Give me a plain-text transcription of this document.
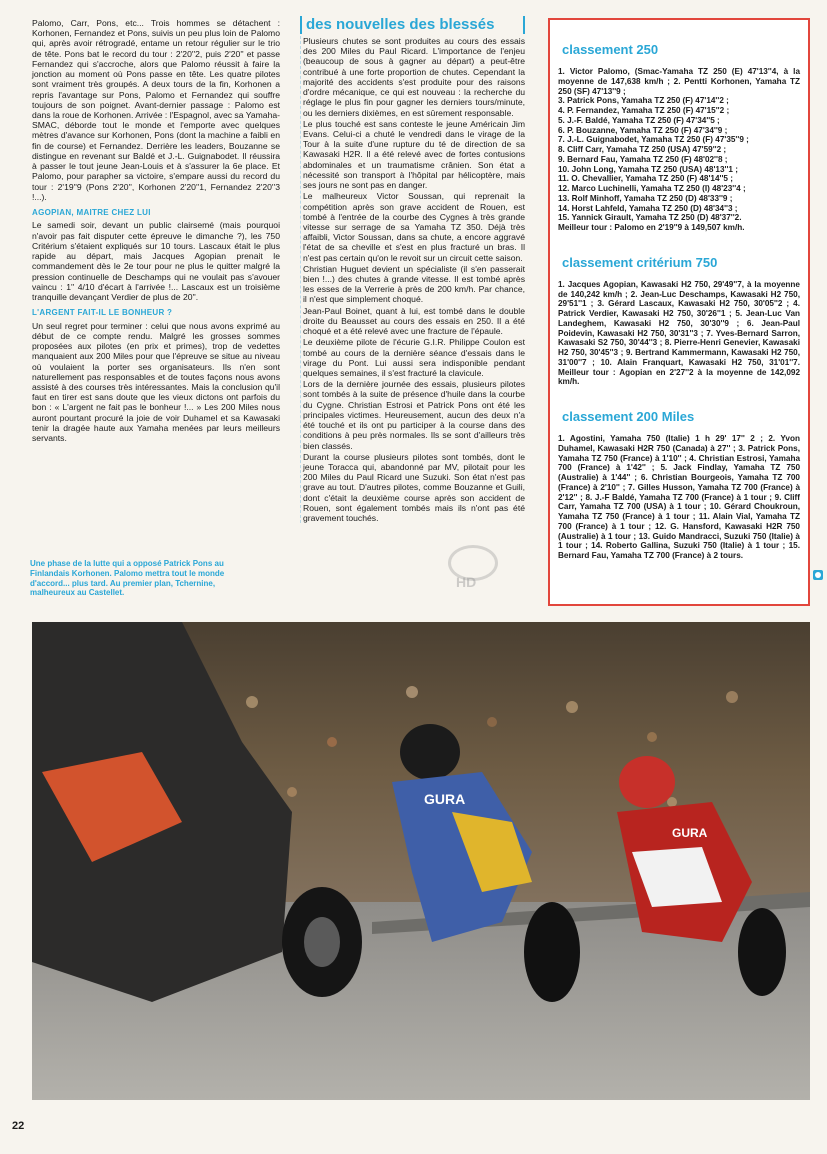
Palomo, Carr, Pons, etc... Trois hommes se détachent : Korhonen, Fernandez et Pons, suivis un peu plus loin de Palomo qui, après avoir rétrogradé, entame un retour régulier sur le trio de tête. Pons bat le record du tour : 2'20''2, puis 2'20'' et passe Fernandez qui s'accroche, alors que Palomo réussit à faire la jonction au moment où Pons passe en tête. Les quatre pilotes sont vraiment très groupés. A deux tours de la fin, Korhonen a repris l'avantage sur Pons, Palomo et Fernandez qui souffre toujours de son poignet. Avant-dernier passage : Palomo est dans la roue de Korhonen. Arrivée : l'Espagnol, avec sa Yamaha-SMAC, déborde tout le monde et l'emporte avec quelques mètres d'avance sur Korhonen, Pons (dont la machine a faibli en fin de course) et Fernandez. Derrière les leaders, Bouzanne se distingue en revenant sur Baldé et J.-L. Guignabodet. Il réussira à passer le tout jeune Jean-Louis et à s'assurer la 6e place. Et Palomo, pour parapher sa victoire, s'empare aussi du record du tour : 2'19''9 (Pons 2'20'', Korhonen 2'20''1, Fernandez 2'20''3 !...).

AGOPIAN, MAITRE CHEZ LUI

Le samedi soir, devant un public clairsemé (mais pourquoi n'avoir pas fait disputer cette épreuve le dimanche ?), les 750 Critérium s'étaient expliqués sur 10 tours. Lascaux était le plus rapide au départ, mais Jacques Agopian prenait le commandement dès le 2e tour pour ne plus le quitter malgré la pression continuelle de Deschamps qui ne voulait pas s'avouer vaincu : 1'' 4/10 d'écart à l'arrivée !... Lascaux est un troisième tranquille devançant Verdier de plus de 20''.

L'ARGENT FAIT-IL LE BONHEUR ?

Un seul regret pour terminer : celui que nous avons exprimé au début de ce compte rendu. Malgré les grosses sommes proposées aux pilotes (en prix et primes), trop de vedettes manquaient aux 200 Miles pour que l'épreuve se situe au niveau où voulaient la porter ses organisateurs. Ils n'en sont naturellement pas responsables et de toutes façons nous avons assisté à des courses très intéressantes. Mais la conclusion qu'il faut en tirer est sans doute que les vieux dictons ont parfois du bon : « L'argent ne fait pas le bonheur !... » Les 200 Miles nous auront pourtant procuré la joie de voir Duhamel et sa Kawasaki tenir la dragée haute aux Yamaha menées par leurs meilleurs servants.

Une phase de la lutte qui a opposé Patrick Pons au Finlandais Korhonen. Palomo mettra tout le monde d'accord... plus tard. Au premier plan, Tchernine, malheureux au Castellet.

des nouvelles des blessés

Plusieurs chutes se sont produites au cours des essais des 200 Miles du Paul Ricard. L'importance de l'enjeu (beaucoup de sous à gagner au départ) a peut-être contribué à une forte proportion de chutes. Cependant la majorité des accidents s'est produite pour des raisons d'ordre mécanique, ce qui est nouveau : la recherche du réglage le plus fin pour gagner les derniers tours/minute, ou les derniers dixièmes, en est sûrement responsable.

Le plus touché est sans conteste le jeune Américain Jim Evans. Celui-ci a chuté le vendredi dans le virage de la Tour à la suite d'une rupture du té de direction de sa Kawasaki H2R. Il a été relevé avec de fortes contusions abdominales et un traumatisme crânien. Son état a nécessité son transport à l'hôpital par hélicoptère, mais ses jours ne sont pas en danger.

Le malheureux Victor Soussan, qui reprenait la compétition après son grave accident de Rouen, est tombé à l'entrée de la courbe des Cygnes à très grande vitesse sur serrage de sa Yamaha TZ 350. Déjà très affaibli, Victor Soussan, dans sa chute, a encore aggravé l'état de sa cheville et s'est en plus fracturé un bras. Il n'est pas certain qu'on le revoit sur un circuit cette saison.

Christian Huguet devient un spécialiste (il s'en passerait bien !...) des chutes à grande vitesse. Il est tombé après les esses de la Verrerie à près de 200 km/h. Par chance, il n'est que simplement choqué.

Jean-Paul Boinet, quant à lui, est tombé dans le double droite du Beausset au cours des essais en 250. Il a été choqué et a été relevé avec une fracture de l'épaule.

Le deuxième pilote de l'écurie G.I.R. Philippe Coulon est tombé au cours de la dernière séance d'essais dans le virage du Pont. Lui aussi sera indisponible pendant quelques semaines, il s'est fracturé la clavicule.

Lors de la dernière journée des essais, plusieurs pilotes sont tombés à la suite de présence d'huile dans la courbe du Cygne. Christian Estrosi et Patrick Pons ont été les principales victimes. Heureusement, aucun des deux n'a été touché et ils ont pu participer à la course dans des conditions à peu près normales. Ils se sont d'ailleurs très bien classés.

Durant la course plusieurs pilotes sont tombés, dont le jeune Toracca qui, abandonné par MV, pilotait pour les 200 Miles du Paul Ricard une Suzuki. Son état n'est pas grave au tout. D'autres pilotes, comme Bouzanne et Guili, dont c'était la deuxième course après son accident de Rouen, sont également tombés mais ils n'ont pas été gravement touchés.

HD
classement 250
1. Victor Palomo, (Smac-Yamaha TZ 250 (E) 47'13''4, à la moyenne de 147,638 km/h ; 2. Pentti Korhonen, Yamaha TZ 250 (SF) 47'13''9 ;
3. Patrick Pons, Yamaha TZ 250 (F) 47'14''2 ;
4. P. Fernandez, Yamaha TZ 250 (F) 47'15''2 ;
5. J.-F. Baldé, Yamaha TZ 250 (F) 47'34''5 ;
6. P. Bouzanne, Yamaha TZ 250 (F) 47'34''9 ;
7. J.-L. Guignabodet, Yamaha TZ 250 (F) 47'35''9 ;
8. Cliff Carr, Yamaha TZ 250 (USA) 47'59''2 ;
9. Bernard Fau, Yamaha TZ 250 (F) 48'02''8 ;
10. John Long, Yamaha TZ 250 (USA) 48'13''1 ;
11. O. Chevallier, Yamaha TZ 250 (F) 48'14''5 ;
12. Marco Luchinelli, Yamaha TZ 250 (I) 48'23''4 ;
13. Rolf Minhoff, Yamaha TZ 250 (D) 48'33''9 ;
14. Horst Lahfeld, Yamaha TZ 250 (D) 48'34''3 ;
15. Yannick Girault, Yamaha TZ 250 (D) 48'37''2.
Meilleur tour : Palomo en 2'19''9 à 149,507 km/h.
classement critérium 750
1. Jacques Agopian, Kawasaki H2 750, 29'49''7, à la moyenne de 140,242 km/h ; 2. Jean-Luc Deschamps, Kawasaki H2 750, 29'51''1 ; 3. Gérard Lascaux, Kawasaki H2 750, 30'05''2 ; 4. Patrick Verdier, Kawasaki H2 750, 30'26''1 ; 5. Jean-Luc Van Landeghem, Kawasaki H2 750, 30'30''9 ; 6. Jean-Paul Poidevin, Kawasaki H2 750, 30'31''3 ; 7. Yves-Bernard Sarron, Kawasaki S2 750, 30'44''3 ; 8. Pierre-Henri Genevier, Kawasaki H2 750, 30'45''3 ; 9. Bertrand Kammermann, Kawasaki H2 750, 31'00''7 ; 10. Alain Franquart, Kawasaki H2 750, 31'01''7. Meilleur tour : Agopian en 2'27''2 à la moyenne de 142,092 km/h.
classement 200 Miles
1. Agostini, Yamaha 750 (Italie) 1 h 29' 17'' 2 ; 2. Yvon Duhamel, Kawasaki H2R 750 (Canada) à 27'' ; 3. Patrick Pons, Yamaha TZ 750 (France) à 1'10'' ; 4. Christian Estrosi, Yamaha 700 (France) à 1'42'' ; 5. Jack Findlay, Yamaha TZ 750 (Australie) à 1'44'' ; 6. Christian Bourgeois, Yamaha TZ 700 (France) à 2'10'' ; 7. Gilles Husson, Yamaha TZ 700 (France) à 2'12'' ; 8. J.-F Baldé, Yamaha TZ 700 (France) à 1 tour ; 9. Cliff Carr, Yamaha TZ 700 (USA) à 1 tour ; 10. Gérard Choukroun, Yamaha TZ 750 (France) à 1 tour ; 11. Alain Vial, Yamaha TZ 700 (France) à 1 tour ; 12. G. Hansford, Kawasaki H2R 750 (Australie) à 1 tour ; 13. Guido Mandracci, Suzuki 750 (Italie) à 1 tour ; 14. Roberto Gallina, Suzuki 750 (Italie) à 1 tour ; 15. Bernard Fau, Yamaha TZ 700 (France) à 2 tours.
GURA
GURA
22
